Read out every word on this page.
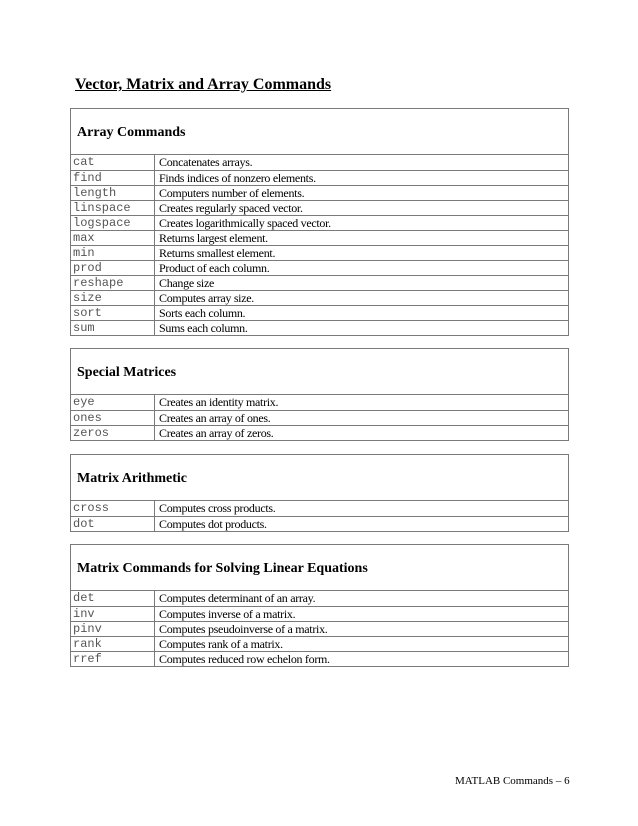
Vector, Matrix and Array Commands
Array Commands
cat	Concatenates arrays.
find	Finds indices of nonzero elements.
length	Computers number of elements.
linspace	Creates regularly spaced vector.
logspace	Creates logarithmically spaced vector.
max	Returns largest element.
min	Returns smallest element.
prod	Product of each column.
reshape	Change size
size	Computes array size.
sort	Sorts each column.
sum	Sums each column.
Special Matrices
eye	Creates an identity matrix.
ones	Creates an array of ones.
zeros	Creates an array of zeros.
Matrix Arithmetic
cross	Computes cross products.
dot	Computes dot products.
Matrix Commands for Solving Linear Equations
det	Computes determinant of an array.
inv	Computes inverse of a matrix.
pinv	Computes pseudoinverse of a matrix.
rank	Computes rank of a matrix.
rref	Computes reduced row echelon form.
MATLAB Commands – 6
